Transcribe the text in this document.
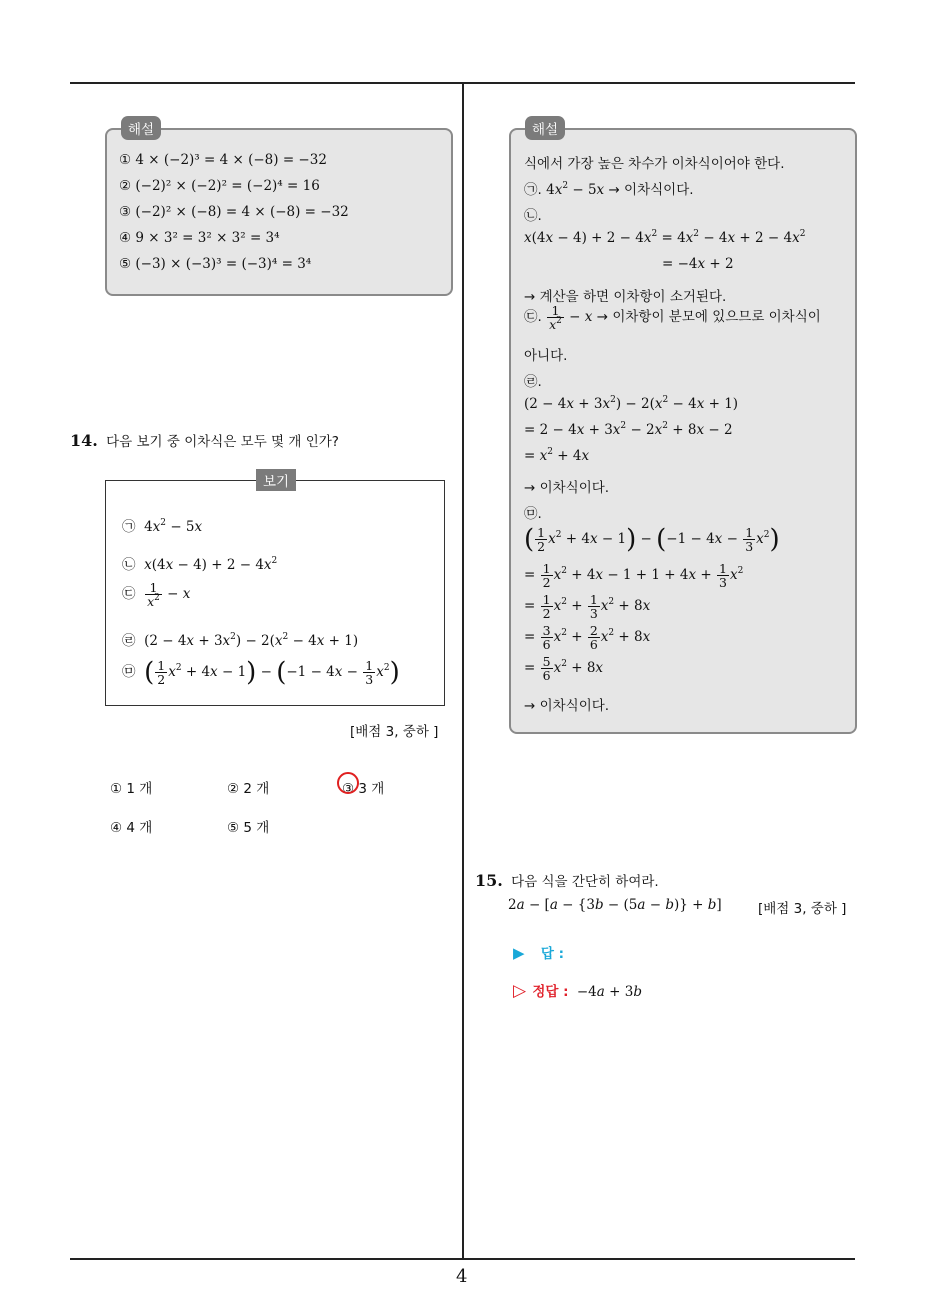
4
해설
① 4 × (−2)³ = 4 × (−8) = −32
② (−2)² × (−2)² = (−2)⁴ = 16
③ (−2)² × (−8) = 4 × (−8) = −32
④ 9 × 3² = 3² × 3² = 3⁴
⑤ (−3) × (−3)³ = (−3)⁴ = 3⁴
14. 다음 보기 중 이차식은 모두 몇 개 인가?
보기
㉠  $4x^2 - 5x$
㉡ $x(4x - 4) + 2 - 4x^2$
㉢ $\frac{1}{x^2} - x$
㉣  $(2 - 4x + 3x^2) - 2(x^2 - 4x + 1)$
㉤ ( $\frac{1}{2} x^2 + 4x - 1) - (-1 - 4x - \frac{1}{3} x^2)$
[배점 3, 중하 ]
① 1 개	② 2 개	③ 3 개
④ 4 개	⑤ 5 개
해설
식에서 가장 높은 차수가 이차식이어야 한다.
㉠. $4x^2 - 5x$ → 이차식이다.
㉡.
$x(4x - 4) + 2 - 4x^2 = 4x^2 - 4x + 2 - 4x^2$
= −4x + 2
→ 계산을 하면 이차항이 소거된다.
㉢. $\frac{1}{x^2} - x$ → 이차항이 분모에 있으므로 이차식이
아니다.
㉣.
$(2 - 4x + 3x^2) - 2(x^2 - 4x + 1)$
= $2 - 4x + 3x^2 - 2x^2 + 8x - 2$
= $x^2 + 4x$
→ 이차식이다.
㉤.
( $\frac{1}{2} x^2 + 4x - 1) - (-1 - 4x - \frac{1}{3} x^2)$
= $\frac{1}{2} x^2 + 4x - 1 + 1 + 4x + \frac{1}{3} x^2$
= $\frac{1}{2} x^2 + \frac{1}{3} x^2 + 8x$
= $\frac{3}{6} x^2 + \frac{2}{6} x^2 + 8x$
= $\frac{5}{6} x^2 + 8x$
→ 이차식이다.
15. 다음 식을 간단히 하여라.
2a − [a − {3b − (5a − b)} + b]	[배점 3, 중하 ]
▶ 답 :
▷ 정답 : −4a + 3b
